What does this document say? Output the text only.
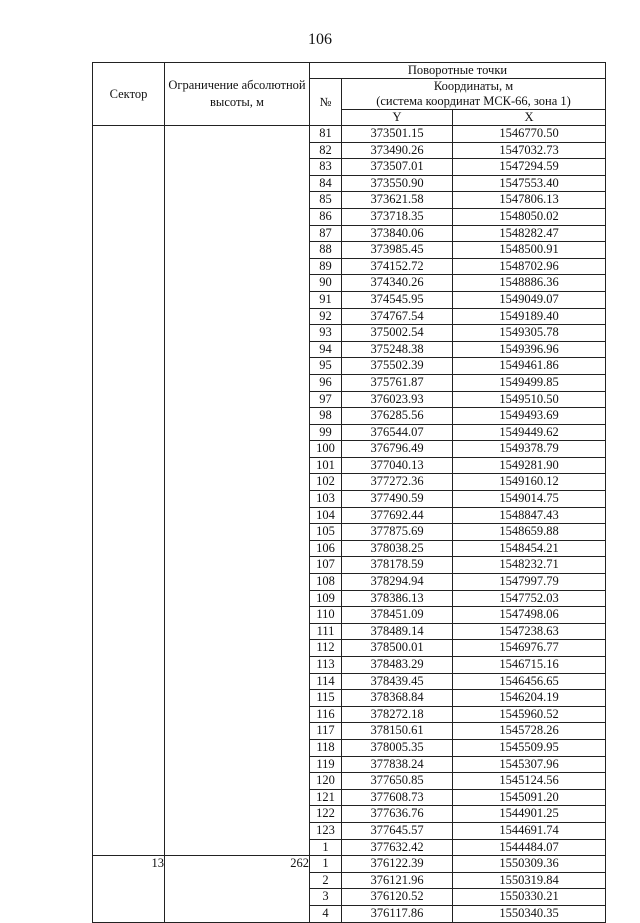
106
Сектор	Ограничение абсолютной высоты, м	Поворотные точки		
		№	Координаты, м	
			(система координат МСК-66, зона 1)	
			Y	X
		81	373501.15	1546770.50
		82	373490.26	1547032.73
		83	373507.01	1547294.59
		84	373550.90	1547553.40
		85	373621.58	1547806.13
		86	373718.35	1548050.02
		87	373840.06	1548282.47
		88	373985.45	1548500.91
		89	374152.72	1548702.96
		90	374340.26	1548886.36
		91	374545.95	1549049.07
		92	374767.54	1549189.40
		93	375002.54	1549305.78
		94	375248.38	1549396.96
		95	375502.39	1549461.86
		96	375761.87	1549499.85
		97	376023.93	1549510.50
		98	376285.56	1549493.69
		99	376544.07	1549449.62
		100	376796.49	1549378.79
		101	377040.13	1549281.90
		102	377272.36	1549160.12
		103	377490.59	1549014.75
		104	377692.44	1548847.43
		105	377875.69	1548659.88
		106	378038.25	1548454.21
		107	378178.59	1548232.71
		108	378294.94	1547997.79
		109	378386.13	1547752.03
		110	378451.09	1547498.06
		111	378489.14	1547238.63
		112	378500.01	1546976.77
		113	378483.29	1546715.16
		114	378439.45	1546456.65
		115	378368.84	1546204.19
		116	378272.18	1545960.52
		117	378150.61	1545728.26
		118	378005.35	1545509.95
		119	377838.24	1545307.96
		120	377650.85	1545124.56
		121	377608.73	1545091.20
		122	377636.76	1544901.25
		123	377645.57	1544691.74
		1	377632.42	1544484.07
13	262	1	376122.39	1550309.36
		2	376121.96	1550319.84
		3	376120.52	1550330.21
		4	376117.86	1550340.35
